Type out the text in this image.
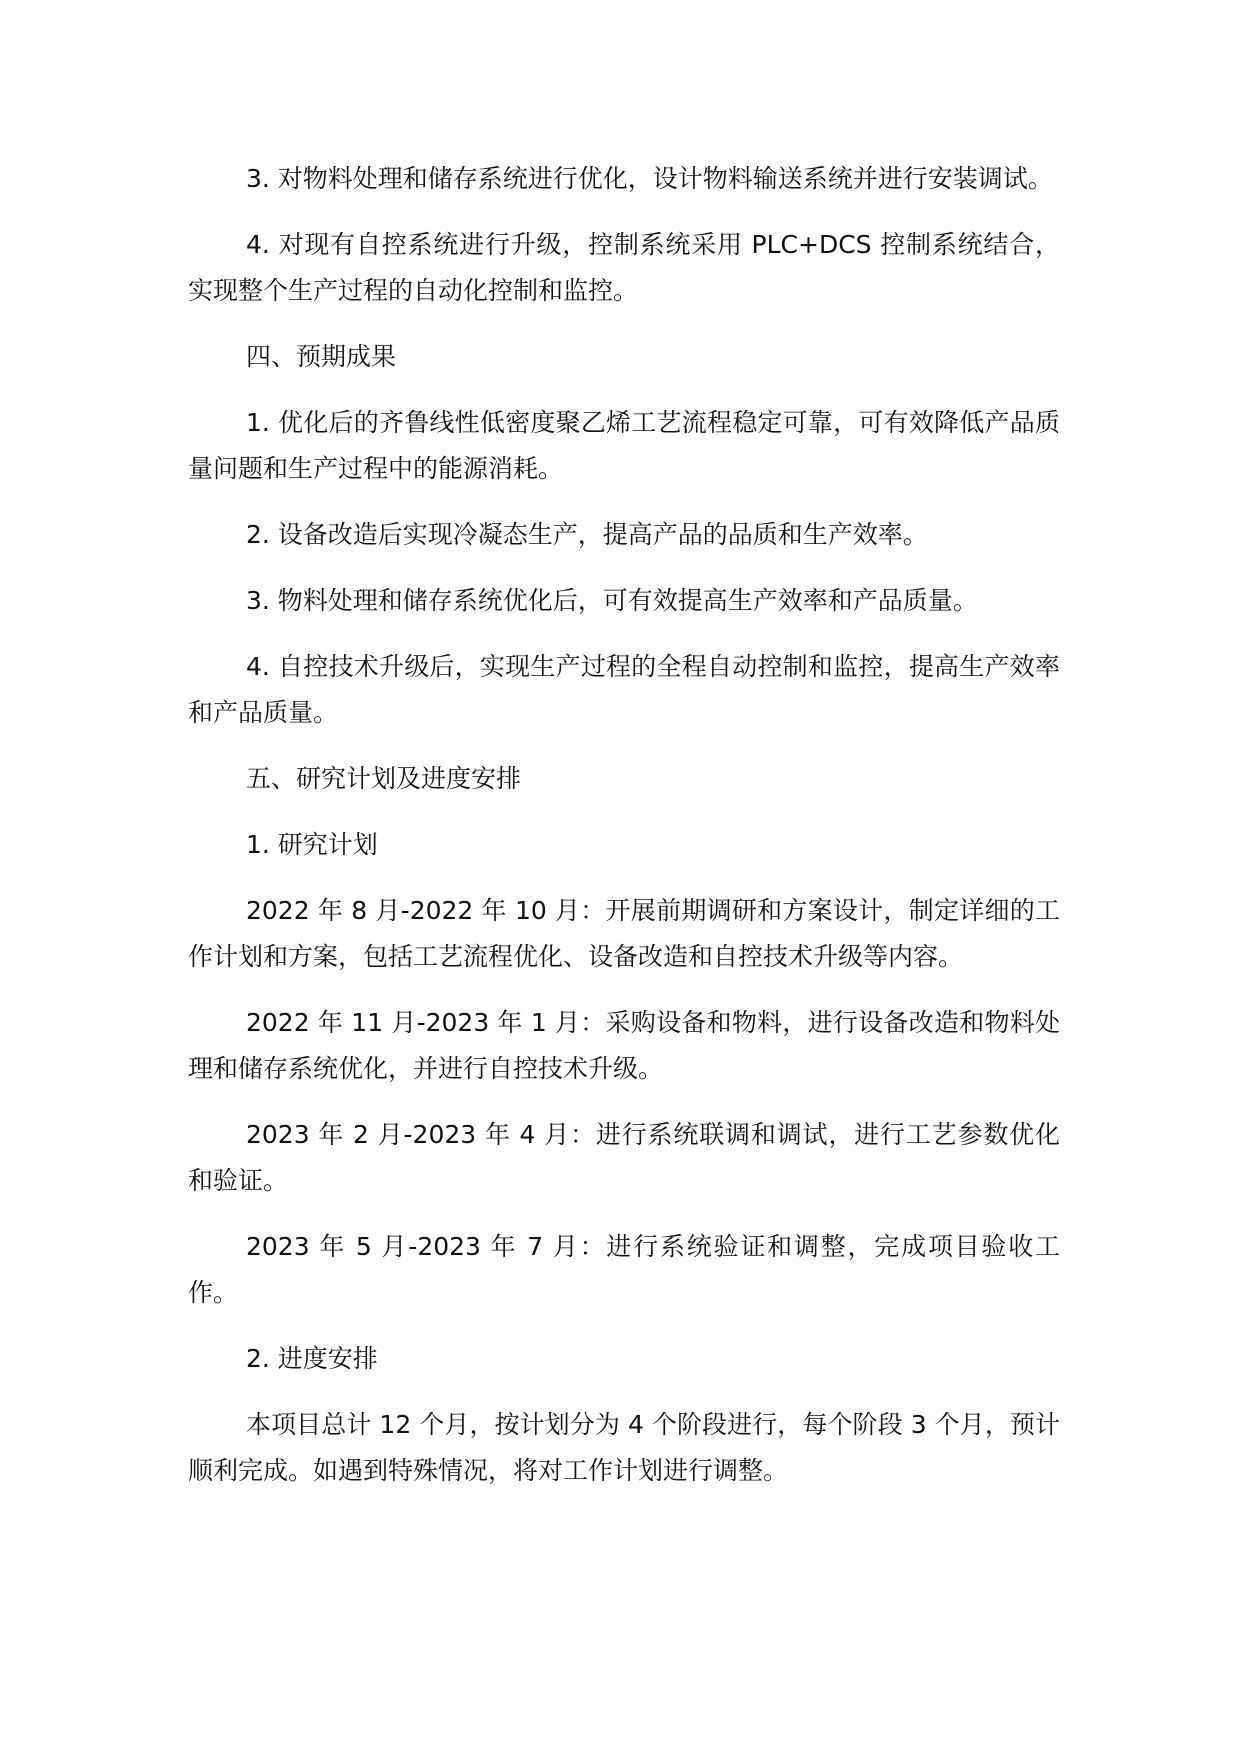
3. 对物料处理和储存系统进行优化，设计物料输送系统并进行安装调试。

4. 对现有自控系统进行升级，控制系统采用 PLC+DCS 控制系统结合，实现整个生产过程的自动化控制和监控。

四、预期成果

1. 优化后的齐鲁线性低密度聚乙烯工艺流程稳定可靠，可有效降低产品质量问题和生产过程中的能源消耗。

2. 设备改造后实现冷凝态生产，提高产品的品质和生产效率。

3. 物料处理和储存系统优化后，可有效提高生产效率和产品质量。

4. 自控技术升级后，实现生产过程的全程自动控制和监控，提高生产效率和产品质量。

五、研究计划及进度安排

1. 研究计划

2022 年 8 月-2022 年 10 月：开展前期调研和方案设计，制定详细的工作计划和方案，包括工艺流程优化、设备改造和自控技术升级等内容。

2022 年 11 月-2023 年 1 月：采购设备和物料，进行设备改造和物料处理和储存系统优化，并进行自控技术升级。

2023 年 2 月-2023 年 4 月：进行系统联调和调试，进行工艺参数优化和验证。

2023 年 5 月-2023 年 7 月：进行系统验证和调整，完成项目验收工作。

2. 进度安排

本项目总计 12 个月，按计划分为 4 个阶段进行，每个阶段 3 个月，预计顺利完成。如遇到特殊情况，将对工作计划进行调整。
